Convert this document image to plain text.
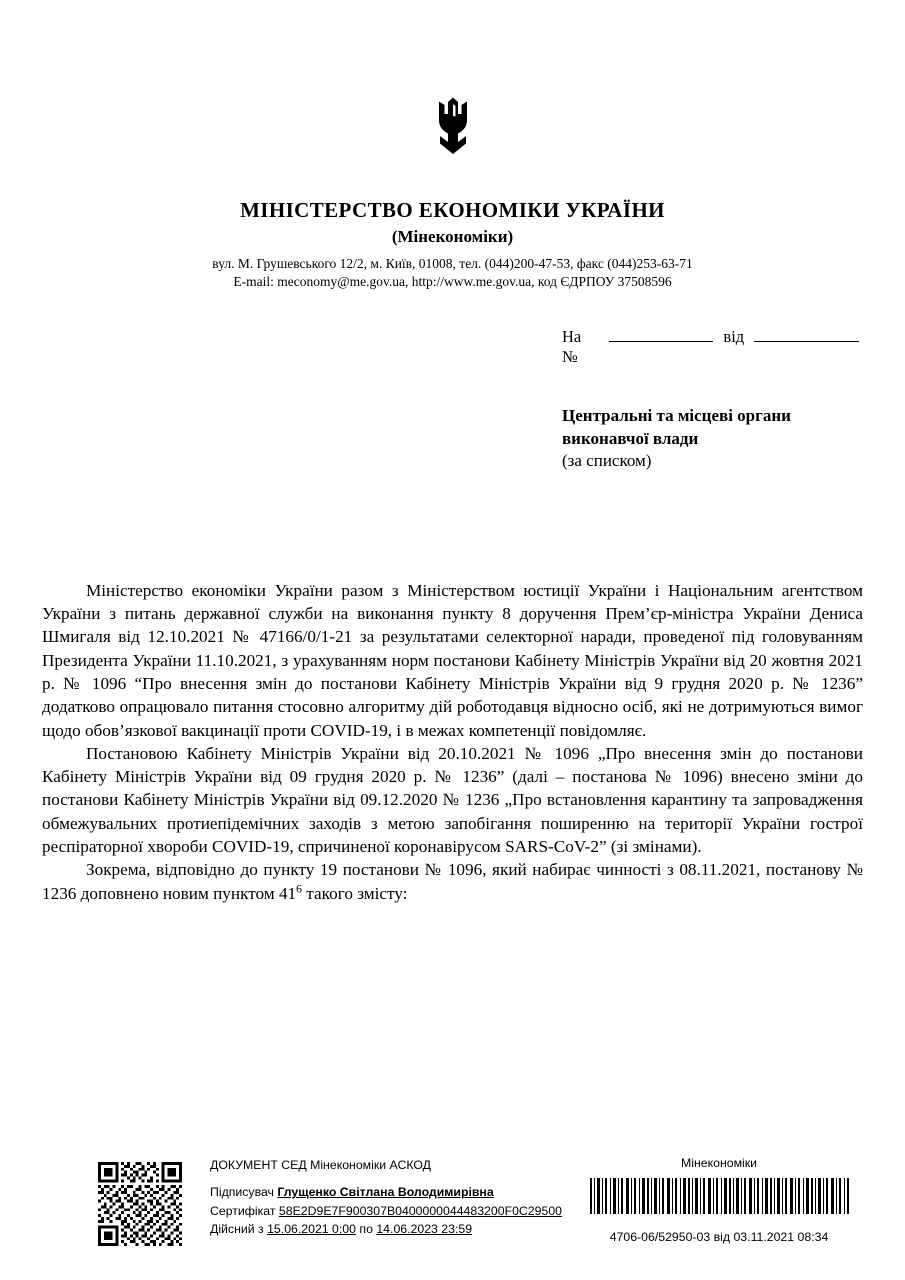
МІНІСТЕРСТВО ЕКОНОМІКИ УКРАЇНИ
(Мінекономіки)
вул. М. Грушевського 12/2, м. Київ, 01008, тел. (044)200-47-53, факс (044)253-63-71
E-mail: meconomy@me.gov.ua, http://www.me.gov.ua, код ЄДРПОУ 37508596
На №
від
Центральні та місцеві органи
виконавчої влади
(за списком)

Міністерство економіки України разом з Міністерством юстиції України і Національним агентством України з питань державної служби на виконання пункту 8 доручення Прем’єр-міністра України Дениса Шмигаля від 12.10.2021 № 47166/0/1-21 за результатами селекторної наради, проведеної під головуванням Президента України 11.10.2021, з урахуванням норм постанови Кабінету Міністрів України від 20 жовтня 2021 р. № 1096 “Про внесення змін до постанови Кабінету Міністрів України від 9 грудня 2020 р. № 1236” додатково опрацювало питання стосовно алгоритму дій роботодавця відносно осіб, які не дотримуються вимог щодо обов’язкової вакцинації проти COVID-19, і в межах компетенції повідомляє.

Постановою Кабінету Міністрів України від 20.10.2021 № 1096 „Про внесення змін до постанови Кабінету Міністрів України від 09 грудня 2020 р. № 1236” (далі – постанова № 1096) внесено зміни до постанови Кабінету Міністрів України від 09.12.2020 № 1236 „Про встановлення карантину та запровадження обмежувальних протиепідемічних заходів з метою запобігання поширенню на території України гострої респіраторної хвороби COVID-19, спричиненої коронавірусом SARS-CoV-2” (зі змінами).

Зокрема, відповідно до пункту 19 постанови № 1096, який набирає чинності з 08.11.2021, постанову № 1236 доповнено новим пунктом $41^6$ такого змісту:

ДОКУМЕНТ СЕД Мінекономіки АСКОД
Підписувач Глущенко Світлана Володимирівна
Сертифікат 58E2D9E7F900307B0400000044483200F0C29500
Дійсний з 15.06.2021 0:00 по 14.06.2023 23:59
Мінекономіки
4706-06/52950-03 від 03.11.2021 08:34
